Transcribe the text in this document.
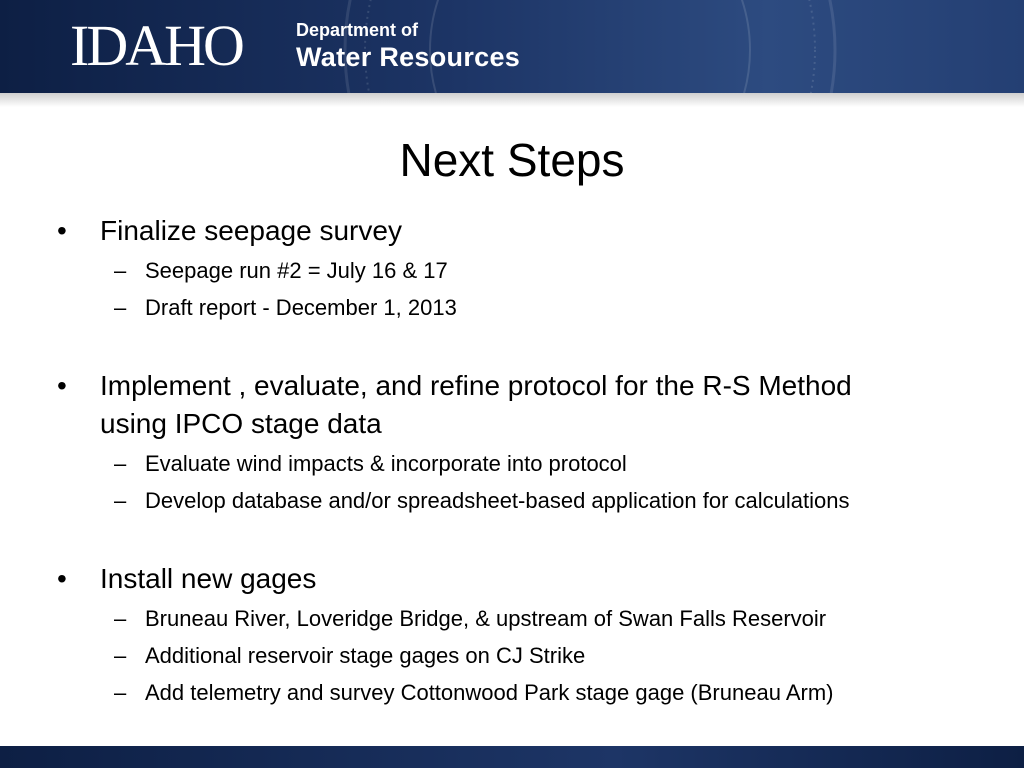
IDAHO	Department of
Water Resources
Next Steps
• Finalize seepage survey
– Seepage run #2 = July 16 & 17
– Draft report - December 1, 2013
• Implement , evaluate, and refine protocol for the R-S Method
using IPCO stage data
– Evaluate wind impacts & incorporate into protocol
– Develop database and/or spreadsheet-based application for calculations
• Install new gages
– Bruneau River, Loveridge Bridge, & upstream of Swan Falls Reservoir
– Additional reservoir stage gages on CJ Strike
– Add telemetry and survey Cottonwood Park stage gage (Bruneau Arm)
